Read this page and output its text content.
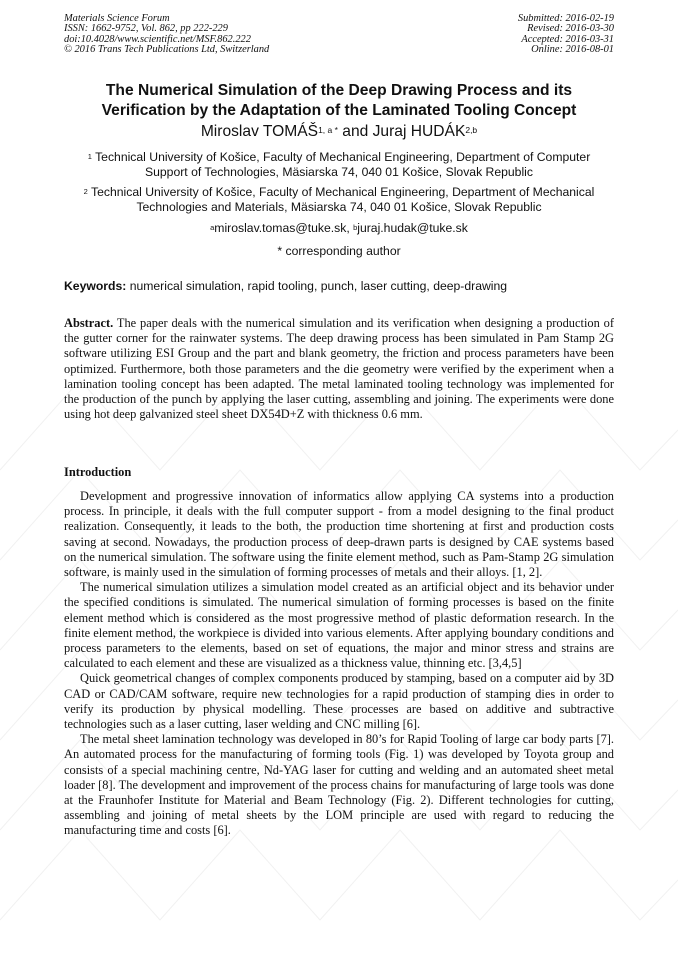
Materials Science Forum
ISSN: 1662-9752, Vol. 862, pp 222-229
doi:10.4028/www.scientific.net/MSF.862.222
© 2016 Trans Tech Publications Ltd, Switzerland
Submitted: 2016-02-19
Revised: 2016-03-30
Accepted: 2016-03-31
Online: 2016-08-01
The Numerical Simulation of the Deep Drawing Process and its
Verification by the Adaptation of the Laminated Tooling Concept
Miroslav $TOMÁŠ^{1, a *}$ and Juraj HUDÁK$^{2,b}$
$^1$ Technical University of Košice, Faculty of Mechanical Engineering, Department of Computer
Support of Technologies, Mäsiarska 74, 040 01 Košice, Slovak Republic
$^2$ Technical University of Košice, Faculty of Mechanical Engineering, Department of Mechanical
Technologies and Materials, Mäsiarska 74, 040 01 Košice, Slovak Republic
$^a$miroslav.tomas@tuke.sk, $^b$juraj.hudak@tuke.sk
* corresponding author
Keywords: numerical simulation, rapid tooling, punch, laser cutting, deep-drawing

Abstract. The paper deals with the numerical simulation and its verification when designing a production of the gutter corner for the rainwater systems. The deep drawing process has been simulated in Pam Stamp 2G software utilizing ESI Group and the part and blank geometry, the friction and process parameters have been optimized. Furthermore, both those parameters and the die geometry were verified by the experiment when a lamination tooling concept has been adapted. The metal laminated tooling technology was implemented for the production of the punch by applying the laser cutting, assembling and joining. The experiments were done using hot deep galvanized steel sheet DX54D+Z with thickness 0.6 mm.

Introduction

Development and progressive innovation of informatics allow applying CA systems into a production process. In principle, it deals with the full computer support - from a model designing to the final product realization. Consequently, it leads to the both, the production time shortening at first and production costs saving at second. Nowadays, the production process of deep-drawn parts is designed by CAE systems based on the numerical simulation. The software using the finite element method, such as Pam-Stamp 2G simulation software, is mainly used in the simulation of forming processes of metals and their alloys. [1, 2].

The numerical simulation utilizes a simulation model created as an artificial object and its behavior under the specified conditions is simulated. The numerical simulation of forming processes is based on the finite element method which is considered as the most progressive method of plastic deformation research. In the finite element method, the workpiece is divided into various elements. After applying boundary conditions and process parameters to the elements, based on set of equations, the major and minor stress and strains are calculated to each element and these are visualized as a thickness value, thinning etc. [3,4,5]

Quick geometrical changes of complex components produced by stamping, based on a computer aid by 3D CAD or CAD/CAM software, require new technologies for a rapid production of stamping dies in order to verify its production by physical modelling. These processes are based on additive and subtractive technologies such as a laser cutting, laser welding and CNC milling [6].

The metal sheet lamination technology was developed in 80’s for Rapid Tooling of large car body parts [7]. An automated process for the manufacturing of forming tools (Fig. 1) was developed by Toyota group and consists of a special machining centre, Nd-YAG laser for cutting and welding and an automated sheet metal loader [8]. The development and improvement of the process chains for manufacturing of large tools was done at the Fraunhofer Institute for Material and Beam Technology (Fig. 2). Different technologies for cutting, assembling and joining of metal sheets by the LOM principle are used with regard to reducing the manufacturing time and costs [6].
